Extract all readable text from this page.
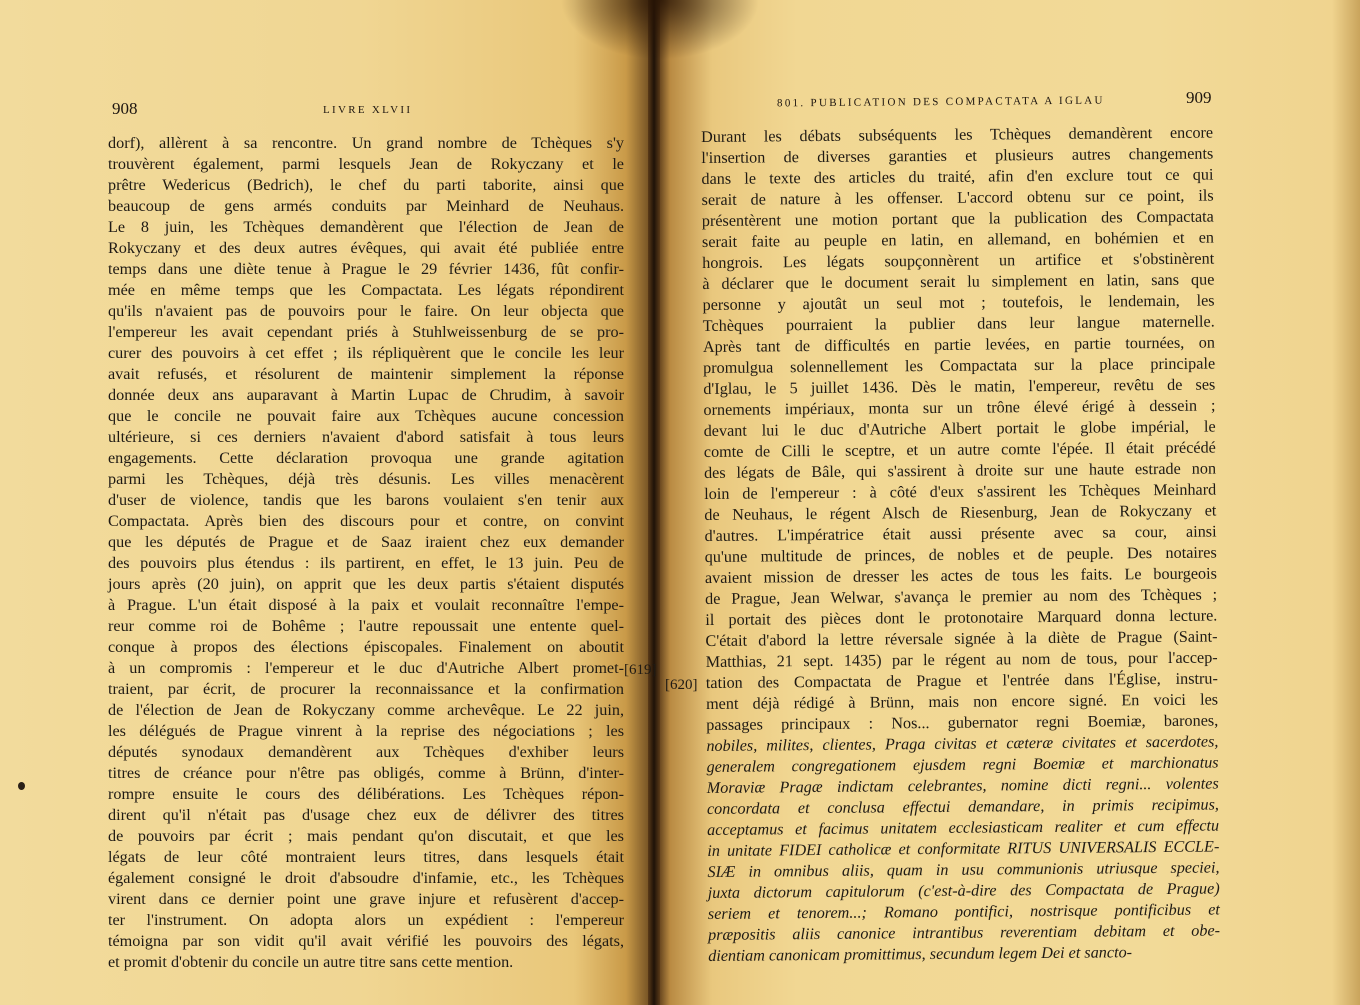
908	LIVRE XLVII
dorf), allèrent à sa rencontre. Un grand nombre de Tchèques s'y
trouvèrent également, parmi lesquels Jean de Rokyczany et le
prêtre Wedericus (Bedrich), le chef du parti taborite, ainsi que
beaucoup de gens armés conduits par Meinhard de Neuhaus.
Le 8 juin, les Tchèques demandèrent que l'élection de Jean de
Rokyczany et des deux autres évêques, qui avait été publiée entre
temps dans une diète tenue à Prague le 29 février 1436, fût confir-
mée en même temps que les Compactata. Les légats répondirent
qu'ils n'avaient pas de pouvoirs pour le faire. On leur objecta que
l'empereur les avait cependant priés à Stuhlweissenburg de se pro-
curer des pouvoirs à cet effet ; ils répliquèrent que le concile les leur
avait refusés, et résolurent de maintenir simplement la réponse
donnée deux ans auparavant à Martin Lupac de Chrudim, à savoir
que le concile ne pouvait faire aux Tchèques aucune concession
ultérieure, si ces derniers n'avaient d'abord satisfait à tous leurs
engagements. Cette déclaration provoqua une grande agitation
parmi les Tchèques, déjà très désunis. Les villes menacèrent
d'user de violence, tandis que les barons voulaient s'en tenir aux
Compactata. Après bien des discours pour et contre, on convint
que les députés de Prague et de Saaz iraient chez eux demander
des pouvoirs plus étendus : ils partirent, en effet, le 13 juin. Peu de
jours après (20 juin), on apprit que les deux partis s'étaient disputés
à Prague. L'un était disposé à la paix et voulait reconnaître l'empe-
reur comme roi de Bohême ; l'autre repoussait une entente quel-
conque à propos des élections épiscopales. Finalement on aboutit
à un compromis : l'empereur et le duc d'Autriche Albert promet-
traient, par écrit, de procurer la reconnaissance et la confirmation
de l'élection de Jean de Rokyczany comme archevêque. Le 22 juin,
les délégués de Prague vinrent à la reprise des négociations ; les
députés synodaux demandèrent aux Tchèques d'exhiber leurs
titres de créance pour n'être pas obligés, comme à Brünn, d'inter-
rompre ensuite le cours des délibérations. Les Tchèques répon-
dirent qu'il n'était pas d'usage chez eux de délivrer des titres
de pouvoirs par écrit ; mais pendant qu'on discutait, et que les
légats de leur côté montraient leurs titres, dans lesquels était
également consigné le droit d'absoudre d'infamie, etc., les Tchèques
virent dans ce dernier point une grave injure et refusèrent d'accep-
ter l'instrument. On adopta alors un expédient : l'empereur
témoigna par son vidit qu'il avait vérifié les pouvoirs des légats,
et promit d'obtenir du concile un autre titre sans cette mention.
801. PUBLICATION DES COMPACTATA A IGLAU	909
Durant les débats subséquents les Tchèques demandèrent encore
l'insertion de diverses garanties et plusieurs autres changements
dans le texte des articles du traité, afin d'en exclure tout ce qui
serait de nature à les offenser. L'accord obtenu sur ce point, ils
présentèrent une motion portant que la publication des Compactata
serait faite au peuple en latin, en allemand, en bohémien et en
hongrois. Les légats soupçonnèrent un artifice et s'obstinèrent
à déclarer que le document serait lu simplement en latin, sans que
personne y ajoutât un seul mot ; toutefois, le lendemain, les
Tchèques pourraient la publier dans leur langue maternelle.
Après tant de difficultés en partie levées, en partie tournées, on
promulgua solennellement les Compactata sur la place principale
d'Iglau, le 5 juillet 1436. Dès le matin, l'empereur, revêtu de ses
ornements impériaux, monta sur un trône élevé érigé à dessein ;
devant lui le duc d'Autriche Albert portait le globe impérial, le
comte de Cilli le sceptre, et un autre comte l'épée. Il était précédé
des légats de Bâle, qui s'assirent à droite sur une haute estrade non
loin de l'empereur : à côté d'eux s'assirent les Tchèques Meinhard
de Neuhaus, le régent Alsch de Riesenburg, Jean de Rokyczany et
d'autres. L'impératrice était aussi présente avec sa cour, ainsi
qu'une multitude de princes, de nobles et de peuple. Des notaires
avaient mission de dresser les actes de tous les faits. Le bourgeois
de Prague, Jean Welwar, s'avança le premier au nom des Tchèques ;
il portait des pièces dont le protonotaire Marquard donna lecture.
C'était d'abord la lettre réversale signée à la diète de Prague (Saint-
Matthias, 21 sept. 1435) par le régent au nom de tous, pour l'accep-
tation des Compactata de Prague et l'entrée dans l'Église, instru-
ment déjà rédigé à Brünn, mais non encore signé. En voici les
passages principaux : Nos... gubernator regni Boemiæ, barones,
nobiles, milites, clientes, Praga civitas et cæteræ civitates et sacerdotes,
generalem congregationem ejusdem regni Boemiæ et marchionatus
Moraviæ Pragæ indictam celebrantes, nomine dicti regni... volentes
concordata et conclusa effectui demandare, in primis recipimus,
acceptamus et facimus unitatem ecclesiasticam realiter et cum effectu
in unitate FIDEI catholicæ et conformitate RITUS UNIVERSALIS ECCLE-
SIÆ in omnibus aliis, quam in usu communionis utriusque speciei,
juxta dictorum capitulorum (c'est-à-dire des Compactata de Prague)
seriem et tenorem...; Romano pontifici, nostrisque pontificibus et
præpositis aliis canonice intrantibus reverentiam debitam et obe-
dientiam canonicam promittimus, secundum legem Dei et sancto-
[619]
[620]
